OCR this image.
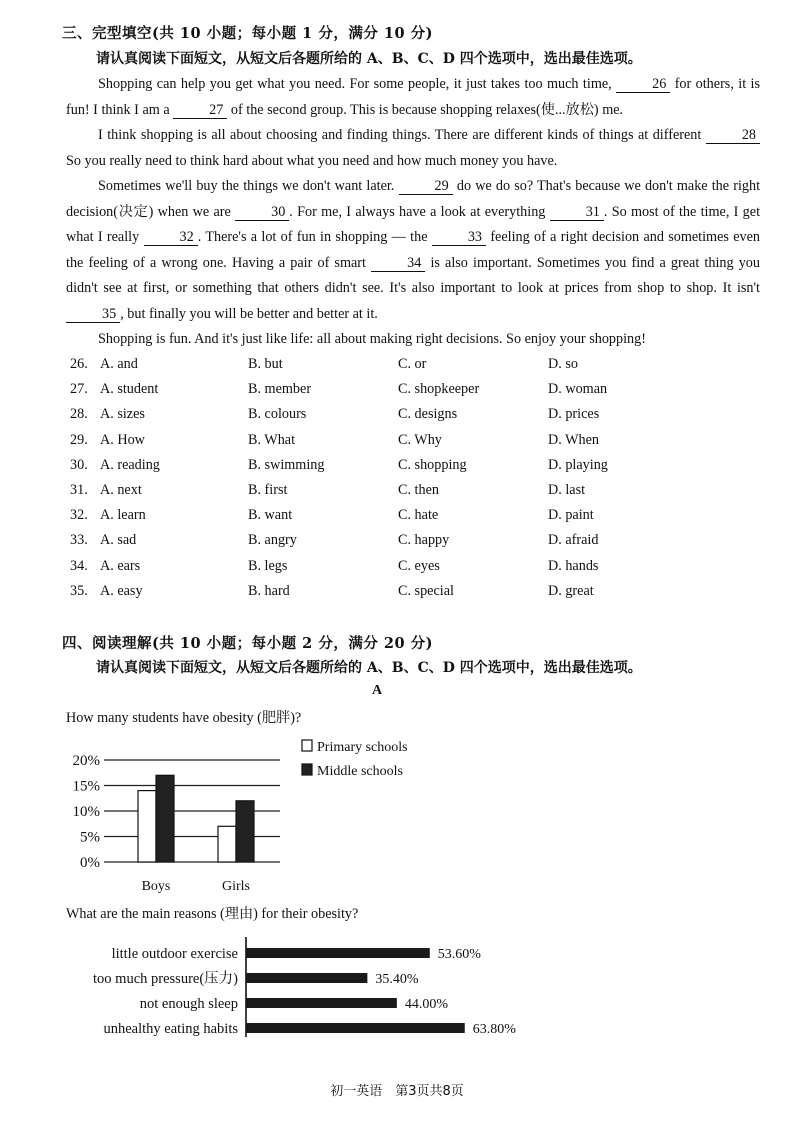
三、完型填空(共 10 小题；每小题 1 分，满分 10 分)
请认真阅读下面短文，从短文后各题所给的 A、B、C、D 四个选项中，选出最佳选项。

Shopping can help you get what you need. For some people, it just takes too much time,	26 for others, it is fun! I think I am a	27 of the second group. This is because shopping relaxes(使...放松) me.

I think shopping is all about choosing and finding things. There are different kinds of things at different	28 So you really need to think hard about what you need and how much money you have.

Sometimes we'll buy the things we don't want later.	29 do we do so? That's because we don't make the right decision(决定) when we are	30 . For me, I always have a look at everything	31 . So most of the time, I get what I really	32 . There's a lot of fun in shopping — the	33 feeling of a right decision and sometimes even the feeling of a wrong one. Having a pair of smart	34 is also important. Sometimes you find a great thing you didn't see at first, or something that others didn't see. It's also important to look at prices from shop to shop. It isn't 35 , but finally you will be better and better at it.

Shopping is fun. And it's just like life: all about making right decisions. So enjoy your shopping!

26. A. and	B. but	C. or	D. so
27. A. student	B. member	C. shopkeeper	D. woman
28. A. sizes	B. colours	C. designs	D. prices
29. A. How	B. What	C. Why	D. When
30. A. reading	B. swimming	C. shopping	D. playing
31. A. next	B. first	C. then	D. last
32. A. learn	B. want	C. hate	D. paint
33. A. sad	B. angry	C. happy	D. afraid
34. A. ears	B. legs	C. eyes	D. hands
35. A. easy	B. hard	C. special	D. great
四、阅读理解(共 10 小题；每小题 2 分，满分 20 分)
请认真阅读下面短文，从短文后各题所给的 A、B、C、D 四个选项中，选出最佳选项。
A
How many students have obesity (肥胖)?
20%
15%
10%
5%
0%
Boys	Girls
Primary schools
Middle schools
What are the main reasons (理由) for their obesity?
little outdoor exercise	53.60%
too much pressure(压力)	35.40%
not enough sleep	44.00%
unhealthy eating habits	63.80%
初一英语　第3页共8页
